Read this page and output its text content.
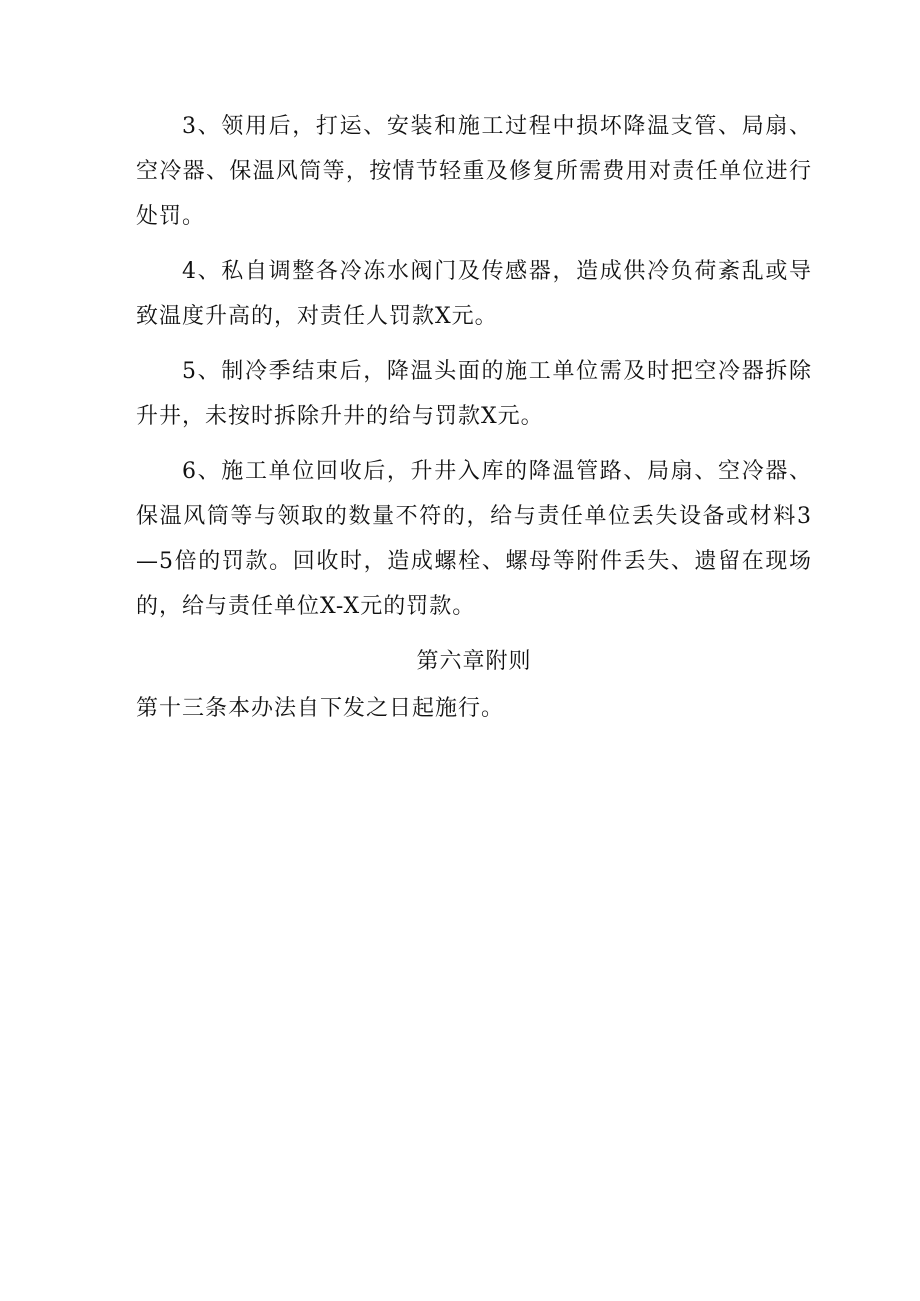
3、领用后，打运、安装和施工过程中损坏降温支管、局扇、空冷器、保温风筒等，按情节轻重及修复所需费用对责任单位进行处罚。

4、私自调整各冷冻水阀门及传感器，造成供冷负荷紊乱或导致温度升高的，对责任人罚款X元。

5、制冷季结束后，降温头面的施工单位需及时把空冷器拆除升井，未按时拆除升井的给与罚款X元。

6、施工单位回收后，升井入库的降温管路、局扇、空冷器、保温风筒等与领取的数量不符的，给与责任单位丢失设备或材料3—5倍的罚款。回收时，造成螺栓、螺母等附件丢失、遗留在现场的，给与责任单位X-X元的罚款。

第六章附则

第十三条本办法自下发之日起施行。
